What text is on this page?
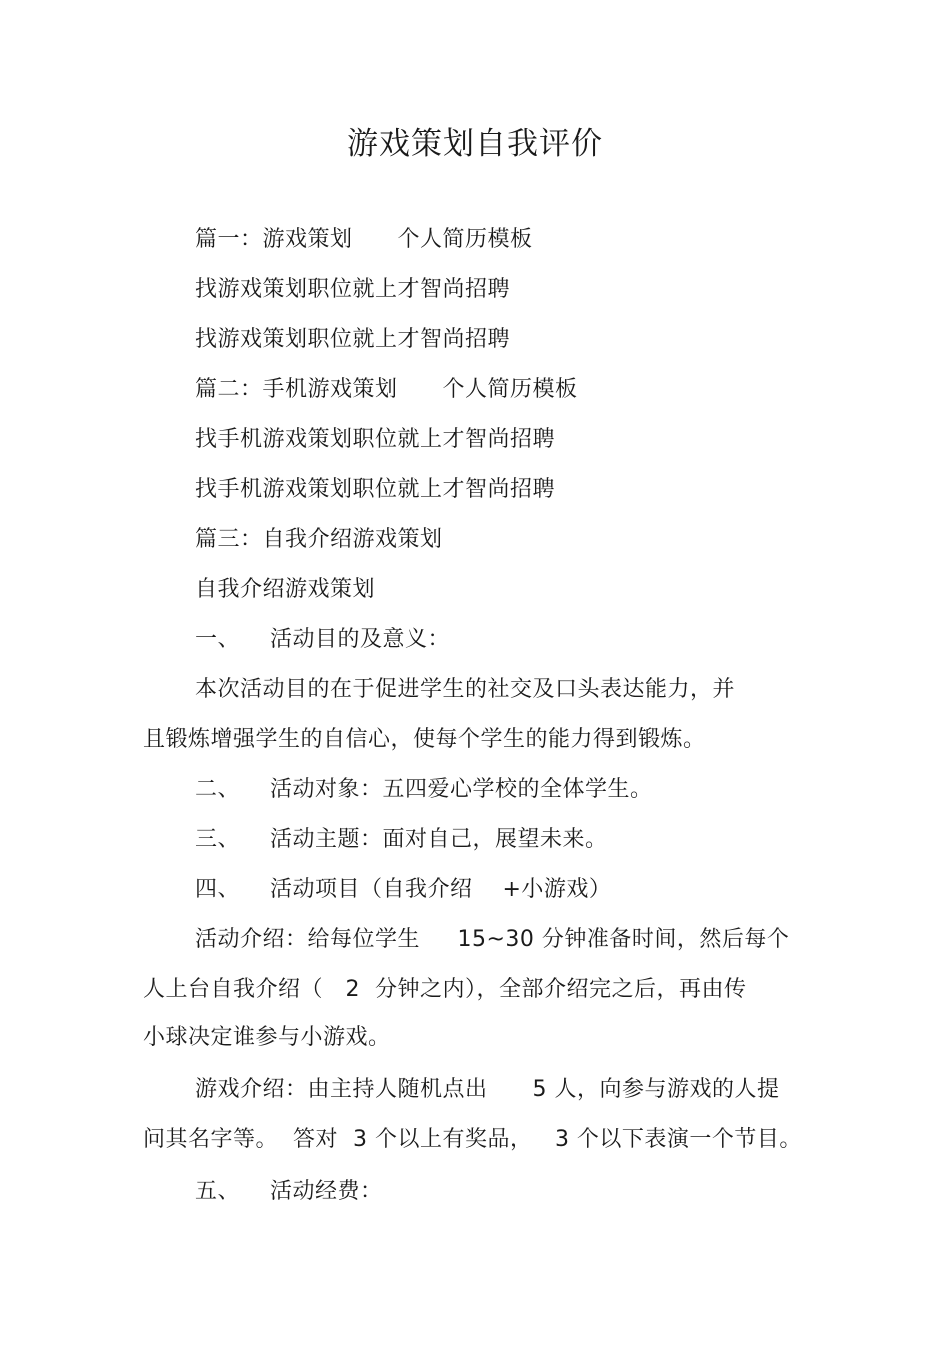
游戏策划自我评价
篇一：游戏策划      个人简历模板
找游戏策划职位就上才智尚招聘
找游戏策划职位就上才智尚招聘
篇二：手机游戏策划      个人简历模板
找手机游戏策划职位就上才智尚招聘
找手机游戏策划职位就上才智尚招聘
篇三：自我介绍游戏策划
自我介绍游戏策划
一、    活动目的及意义：
本次活动目的在于促进学生的社交及口头表达能力，并
且锻炼增强学生的自信心，使每个学生的能力得到锻炼。
二、    活动对象：五四爱心学校的全体学生。
三、    活动主题：面对自己，展望未来。
四、    活动项目（自我介绍    +小游戏）
活动介绍：给每位学生     15~30 分钟准备时间，然后每个
人上台自我介绍（   2  分钟之内），全部介绍完之后，再由传
小球决定谁参与小游戏。
游戏介绍：由主持人随机点出      5 人，向参与游戏的人提
问其名字等。  答对  3 个以上有奖品，   3 个以下表演一个节目。
五、    活动经费：
